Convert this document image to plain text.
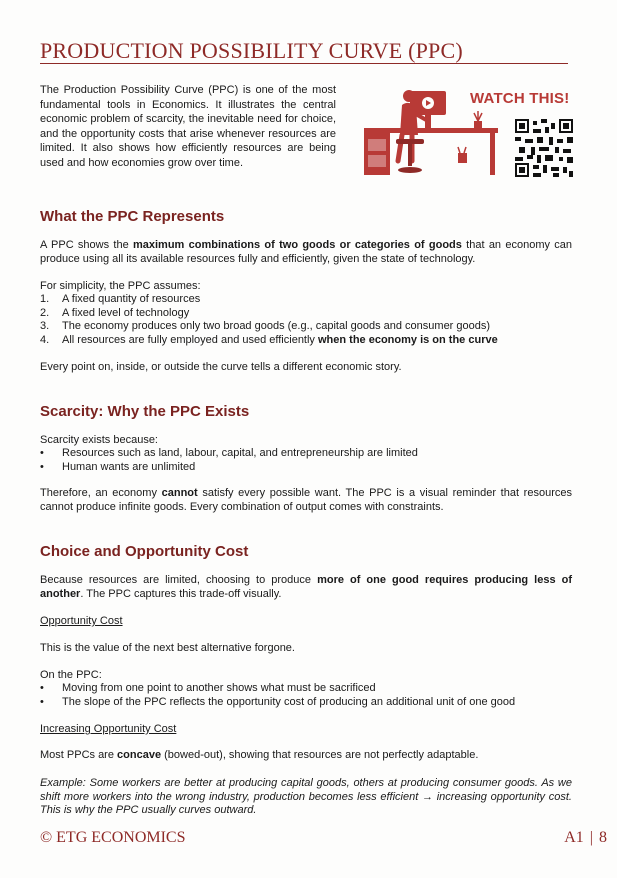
PRODUCTION POSSIBILITY CURVE (PPC)

The Production Possibility Curve (PPC) is one of the most fundamental tools in Economics. It illustrates the central economic problem of scarcity, the inevitable need for choice, and the opportunity costs that arise whenever resources are limited. It also shows how efficiently resources are being used and how economies grow over time.

WATCH THIS!
What the PPC Represents

A PPC shows the maximum combinations of two goods or categories of goods that an economy can produce using all its available resources fully and efficiently, given the state of technology.

For simplicity, the PPC assumes:

1. A fixed quantity of resources
2. A fixed level of technology
3. The economy produces only two broad goods (e.g., capital goods and consumer goods)
4. All resources are fully employed and used efficiently when the economy is on the curve

Every point on, inside, or outside the curve tells a different economic story.

Scarcity: Why the PPC Exists

Scarcity exists because:

• Resources such as land, labour, capital, and entrepreneurship are limited
• Human wants are unlimited

Therefore, an economy cannot satisfy every possible want. The PPC is a visual reminder that resources cannot produce infinite goods. Every combination of output comes with constraints.

Choice and Opportunity Cost

Because resources are limited, choosing to produce more of one good requires producing less of another. The PPC captures this trade-off visually.

Opportunity Cost

This is the value of the next best alternative forgone.

On the PPC:

• Moving from one point to another shows what must be sacrificed
• The slope of the PPC reflects the opportunity cost of producing an additional unit of one good

Increasing Opportunity Cost

Most PPCs are concave (bowed-out), showing that resources are not perfectly adaptable.

Example: Some workers are better at producing capital goods, others at producing consumer goods. As we shift more workers into the wrong industry, production becomes less efficient → increasing opportunity cost. This is why the PPC usually curves outward.

© ETG ECONOMICS	A1 | 8
